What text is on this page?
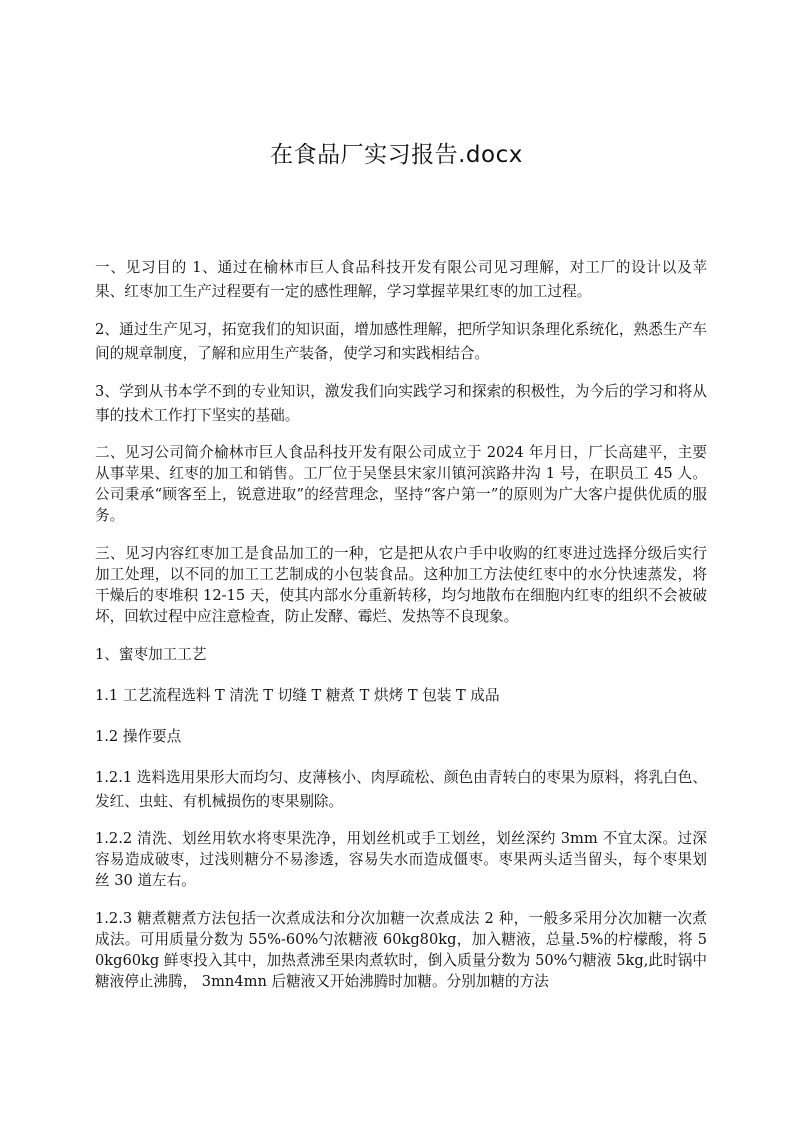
在食品厂实习报告.docx

一、见习目的 1、通过在榆林市巨人食品科技开发有限公司见习理解，对工厂的设计以及苹果、红枣加工生产过程要有一定的感性理解，学习掌握苹果红枣的加工过程。

2、通过生产见习，拓宽我们的知识面，增加感性理解，把所学知识条理化系统化，熟悉生产车间的规章制度，了解和应用生产装备，使学习和实践相结合。

3、学到从书本学不到的专业知识，激发我们向实践学习和探索的积极性，为今后的学习和将从事的技术工作打下坚实的基础。

二、见习公司简介榆林市巨人食品科技开发有限公司成立于 2024 年月日，厂长高建平，主要从事苹果、红枣的加工和销售。工厂位于吴堡县宋家川镇河滨路井沟 1 号，在职员工 45 人。公司秉承“顾客至上，锐意进取”的经营理念，坚持“客户第一”的原则为广大客户提供优质的服务。

三、见习内容红枣加工是食品加工的一种，它是把从农户手中收购的红枣进过选择分级后实行加工处理，以不同的加工工艺制成的小包装食品。这种加工方法使红枣中的水分快速蒸发，将干燥后的枣堆积 12-15 天，使其内部水分重新转移，均匀地散布在细胞内红枣的组织不会被破坏，回软过程中应注意检查，防止发酵、霉烂、发热等不良现象。

1、蜜枣加工工艺

1.1 工艺流程选料 T 清洗 T 切缝 T 糖煮 T 烘烤 T 包装 T 成品

1.2 操作要点

1.2.1 选料选用果形大而均匀、皮薄核小、肉厚疏松、颜色由青转白的枣果为原料，将乳白色、发红、虫蛀、有机械损伤的枣果剔除。

1.2.2 清洗、划丝用软水将枣果洗净，用划丝机或手工划丝，划丝深约 3mm 不宜太深。过深容易造成破枣，过浅则糖分不易渗透，容易失水而造成僵枣。枣果两头适当留头，每个枣果划丝 30 道左右。

1.2.3 糖煮糖煮方法包括一次煮成法和分次加糖一次煮成法 2 种，一般多采用分次加糖一次煮成法。可用质量分数为 55%-60%勺浓糖液 60kg80kg，加入糖液，总量.5%的柠檬酸，将 50kg60kg 鲜枣投入其中，加热煮沸至果肉煮软时，倒入质量分数为 50%勺糖液 5kg,此时锅中糖液停止沸腾， 3mn4mn 后糖液又开始沸腾时加糖。分别加糖的方法
